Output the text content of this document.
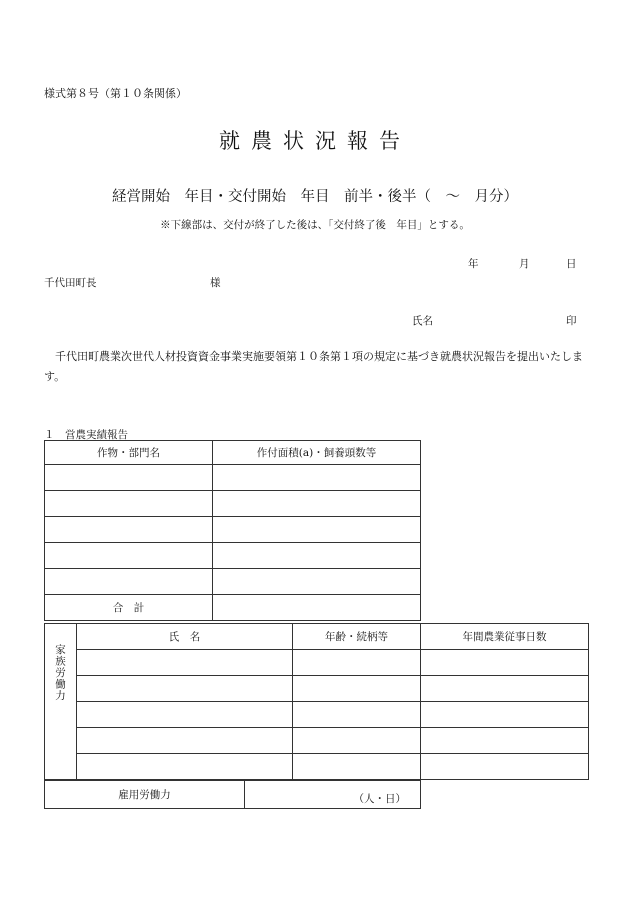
様式第８号（第１０条関係）
就農状況報告
経営開始　年目・交付開始　年目　前半・後半（　～　月分）
※下線部は、交付が終了した後は、「交付終了後　年目」とする。
年	月	日
千代田町長	様
氏名	印
千代田町農業次世代人材投資資金事業実施要領第１０条第１項の規定に基づき就農状況報告を提出いたします。
１　営農実績報告
作物・部門名	作付面積(a)・飼養頭数等

合　計	
家族労働力	氏　名	年齢・続柄等	年間農業従事日数

雇用労働力	（人・日）
